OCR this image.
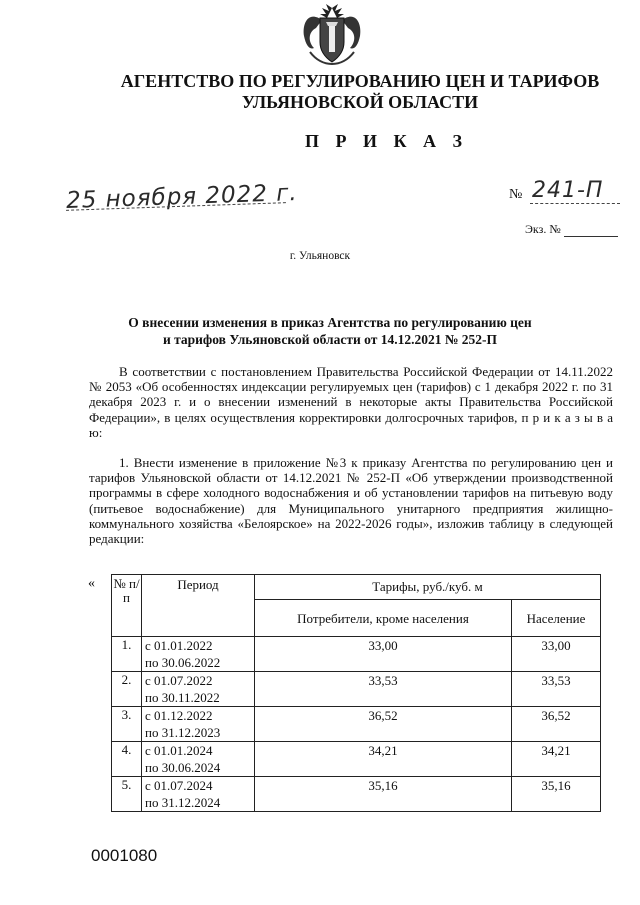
АГЕНТСТВО ПО РЕГУЛИРОВАНИЮ ЦЕН И ТАРИФОВ
УЛЬЯНОВСКОЙ ОБЛАСТИ
П Р И К А З
25 ноября 2022 г.	№ 241-П
Экз. №
г. Ульяновск
О внесении изменения в приказ Агентства по регулированию цен
и тарифов Ульяновской области от 14.12.2021 № 252-П
В соответствии с постановлением Правительства Российской Федерации от 14.11.2022 № 2053 «Об особенностях индексации регулируемых цен (тарифов) с 1 декабря 2022 г. по 31 декабря 2023 г. и о внесении изменений в некоторые акты Правительства Российской Федерации», в целях осуществления корректировки долгосрочных тарифов, п р и к а з ы в а ю:
1. Внести изменение в приложение №3 к приказу Агентства по регулированию цен и тарифов Ульяновской области от 14.12.2021 № 252-П «Об утверждении производственной программы в сфере холодного водоснабжения и об установлении тарифов на питьевую воду (питьевое водоснабжение) для Муниципального унитарного предприятия жилищно-коммунального хозяйства «Белоярское» на 2022-2026 годы», изложив таблицу в следующей редакции:
« № п/п	Период	Тарифы, руб./куб. м	
		Потребители, кроме населения	Население
1.	с 01.01.2022
по 30.06.2022	33,00	33,00
2.	с 01.07.2022
по 30.11.2022	33,53	33,53
3.	с 01.12.2022
по 31.12.2023	36,52	36,52
4.	с 01.01.2024
по 30.06.2024	34,21	34,21
5.	с 01.07.2024
по 31.12.2024	35,16	35,16
0001080
